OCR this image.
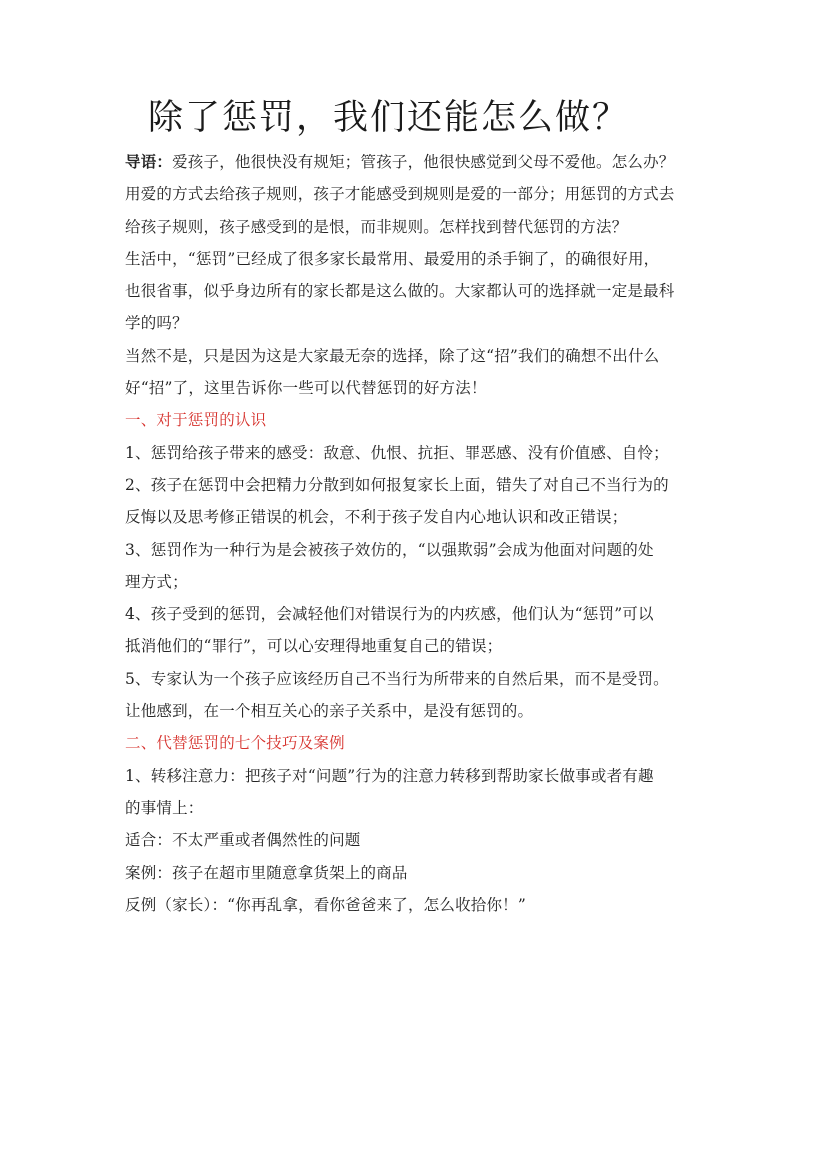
除了惩罚，我们还能怎么做？
导语：爱孩子，他很快没有规矩；管孩子，他很快感觉到父母不爱他。怎么办？
用爱的方式去给孩子规则，孩子才能感受到规则是爱的一部分；用惩罚的方式去
给孩子规则，孩子感受到的是恨，而非规则。怎样找到替代惩罚的方法？
生活中，“惩罚”已经成了很多家长最常用、最爱用的杀手锏了，的确很好用，
也很省事，似乎身边所有的家长都是这么做的。大家都认可的选择就一定是最科
学的吗？
当然不是，只是因为这是大家最无奈的选择，除了这“招”我们的确想不出什么
好“招”了，这里告诉你一些可以代替惩罚的好方法！
一、对于惩罚的认识
1、惩罚给孩子带来的感受：敌意、仇恨、抗拒、罪恶感、没有价值感、自怜；
2、孩子在惩罚中会把精力分散到如何报复家长上面，错失了对自己不当行为的
反悔以及思考修正错误的机会，不利于孩子发自内心地认识和改正错误；
3、惩罚作为一种行为是会被孩子效仿的，“以强欺弱”会成为他面对问题的处
理方式；
4、孩子受到的惩罚，会减轻他们对错误行为的内疚感，他们认为“惩罚”可以
抵消他们的“罪行”，可以心安理得地重复自己的错误；
5、专家认为一个孩子应该经历自己不当行为所带来的自然后果，而不是受罚。
让他感到，在一个相互关心的亲子关系中，是没有惩罚的。
二、代替惩罚的七个技巧及案例
1、转移注意力：把孩子对“问题”行为的注意力转移到帮助家长做事或者有趣
的事情上：
适合：不太严重或者偶然性的问题
案例：孩子在超市里随意拿货架上的商品
反例（家长）：“你再乱拿，看你爸爸来了，怎么收拾你！”
